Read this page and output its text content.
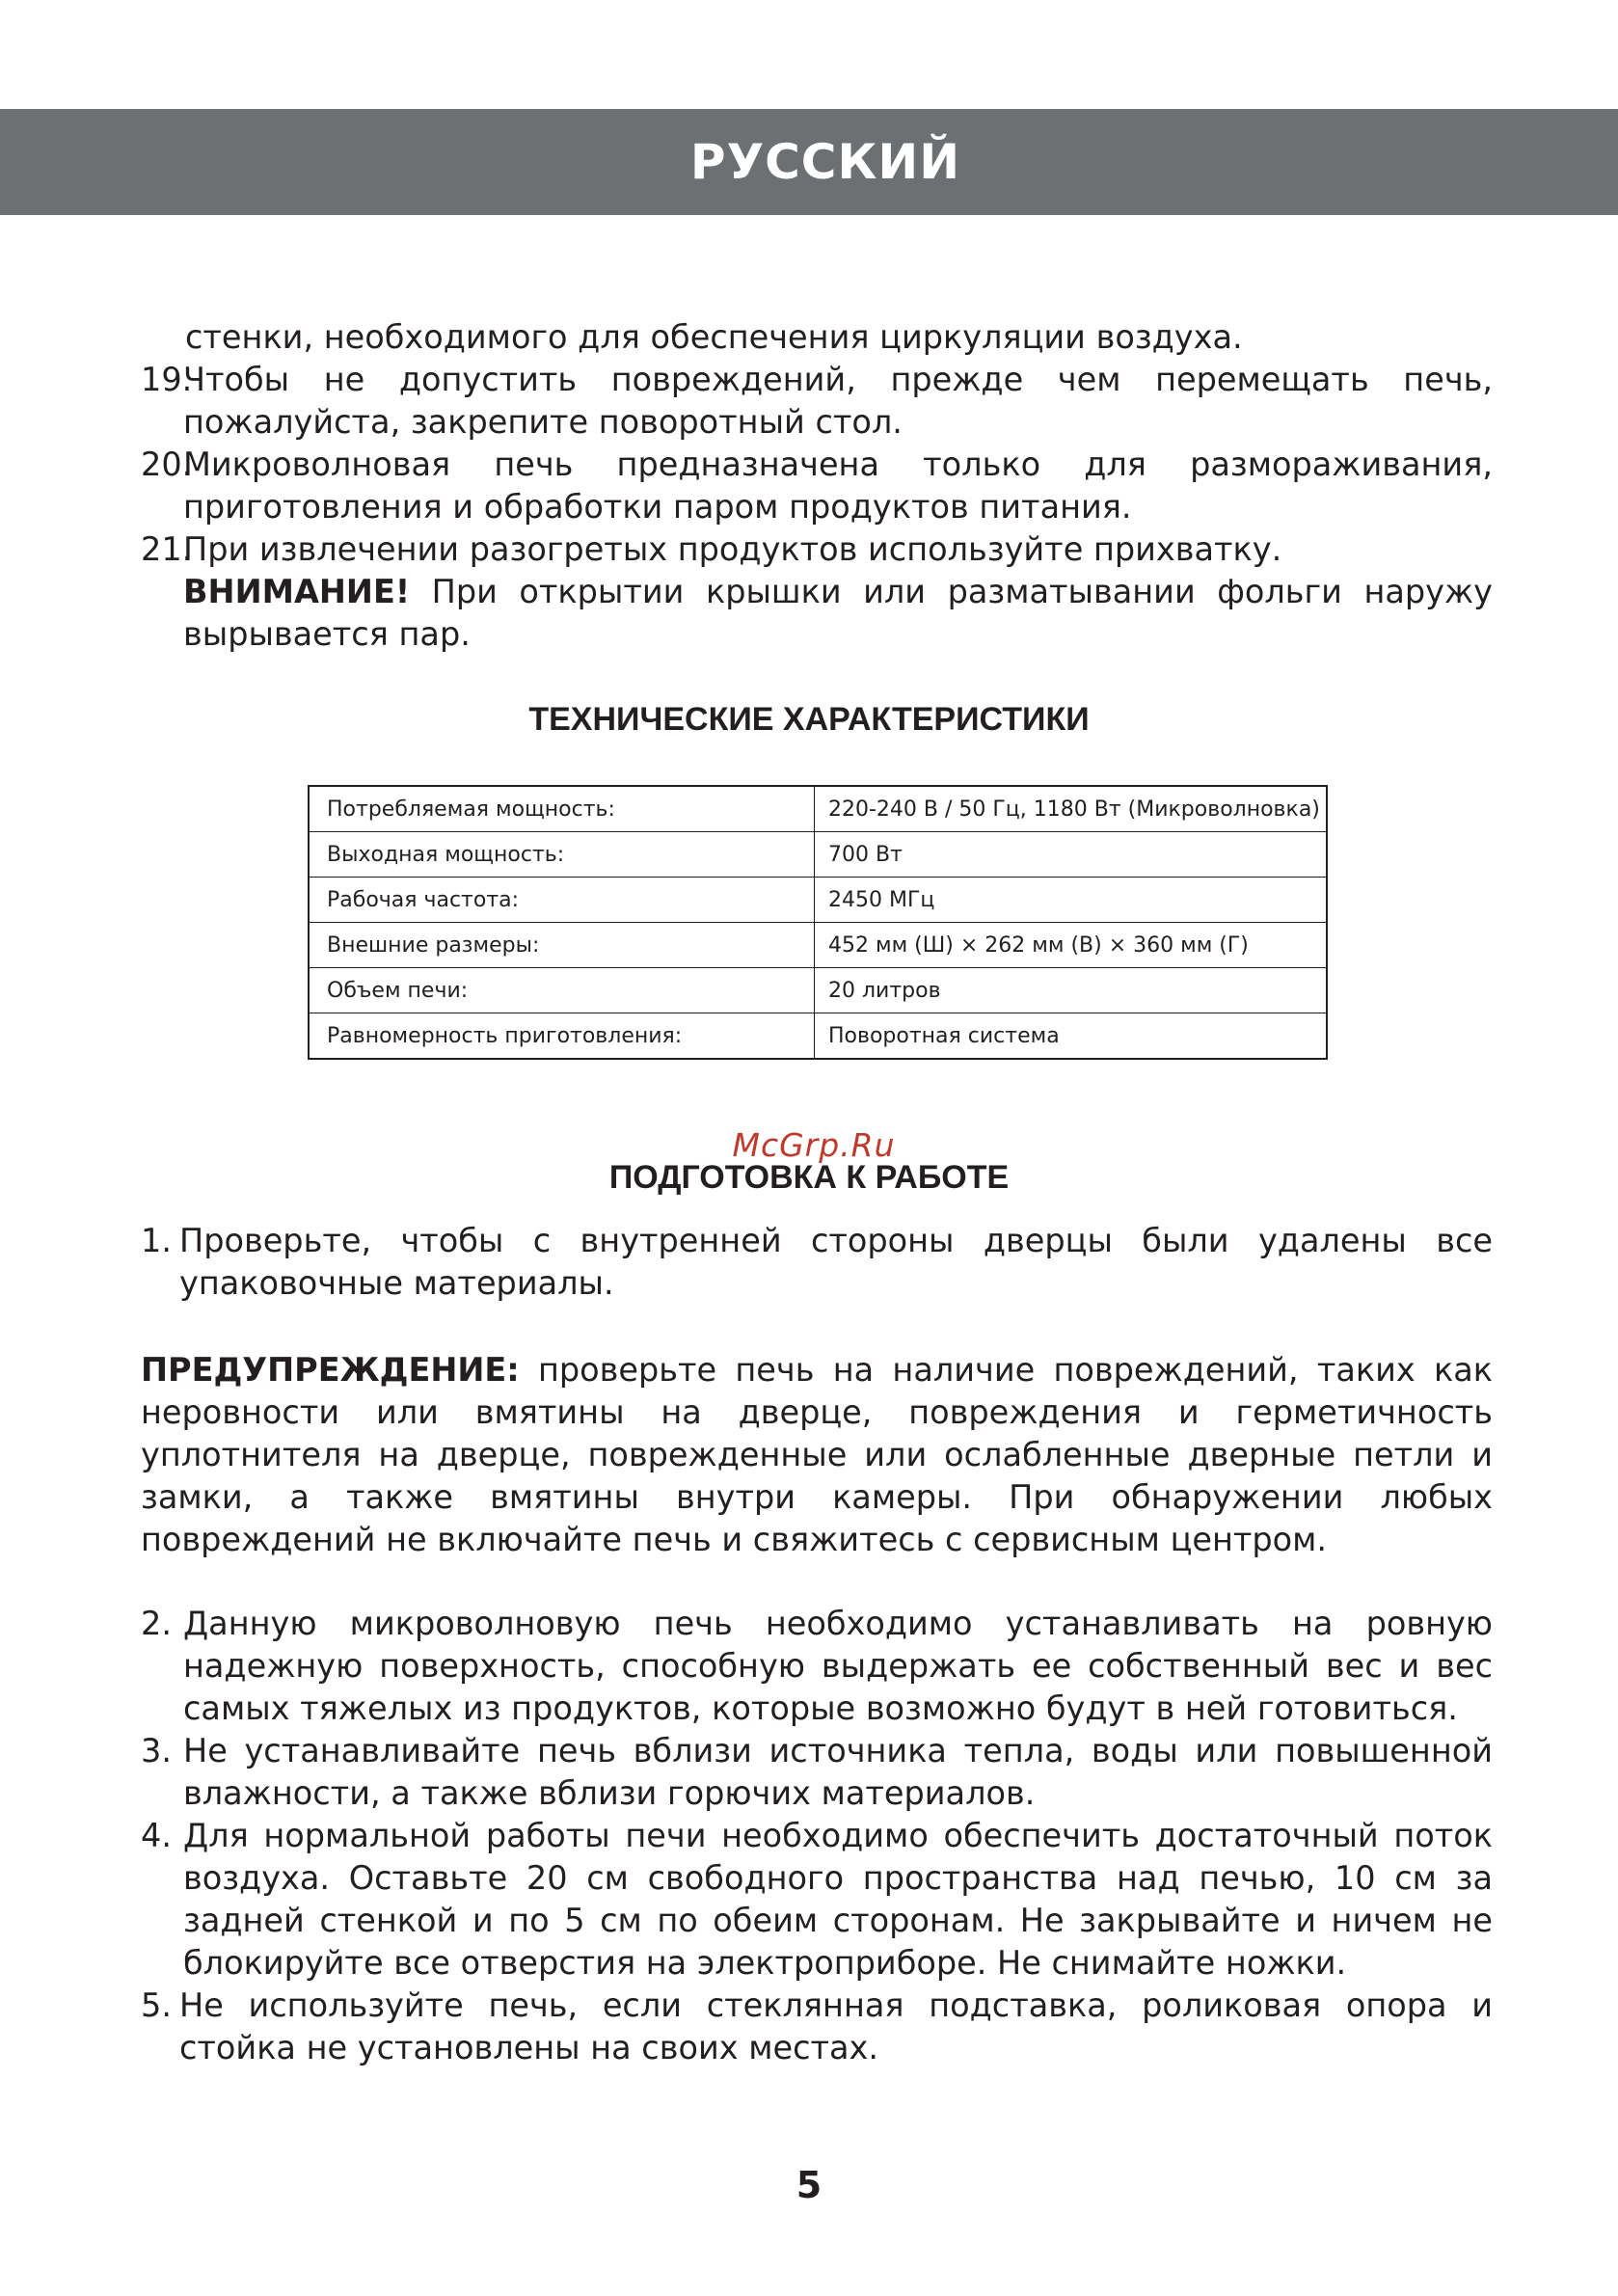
РУССКИЙ

стенки, необходимого для обеспечения циркуляции воздуха.

19.
Чтобы не допустить повреждений, прежде чем перемещать печь, пожалуйста, закрепите поворотный стол.

20.
Микроволновая печь предназначена только для размораживания, приготовления и обработки паром продуктов питания.

21.
При извлечении разогретых продуктов используйте прихватку.

ВНИМАНИЕ! При открытии крышки или разматывании фольги наружу вырывается пар.

ТЕХНИЧЕСКИЕ ХАРАКТЕРИСТИКИ
Потребляемая мощность:	220-240 В / 50 Гц, 1180 Вт (Микроволновка)
Выходная мощность:	700 Вт
Рабочая частота:	2450 МГц
Внешние размеры:	452 мм (Ш) × 262 мм (В) × 360 мм (Г)
Объем печи:	20 литров
Равномерность приготовления:	Поворотная система
McGrp.Ru
ПОДГОТОВКА К РАБОТЕ

1. Проверьте, чтобы с внутренней стороны дверцы были удалены все упаковочные материалы.

ПРЕДУПРЕЖДЕНИЕ: проверьте печь на наличие повреждений, таких как неровности или вмятины на дверце, повреждения и герметичность уплотнителя на дверце, поврежденные или ослабленные дверные петли и замки, а также вмятины внутри камеры. При обнаружении любых повреждений не включайте печь и свяжитесь с сервисным центром.

2. Данную микроволновую печь необходимо устанавливать на ровную надежную поверхность, способную выдержать ее собственный вес и вес самых тяжелых из продуктов, которые возможно будут в ней готовиться.

3. Не устанавливайте печь вблизи источника тепла, воды или повышенной влажности, а также вблизи горючих материалов.

4. Для нормальной работы печи необходимо обеспечить достаточный поток воздуха. Оставьте 20 см свободного пространства над печью, 10 см за задней стенкой и по 5 см по обеим сторонам. Не закрывайте и ничем не блокируйте все отверстия на электроприборе. Не снимайте ножки.

5. Не используйте печь, если стеклянная подставка, роликовая опора и стойка не установлены на своих местах.

5
